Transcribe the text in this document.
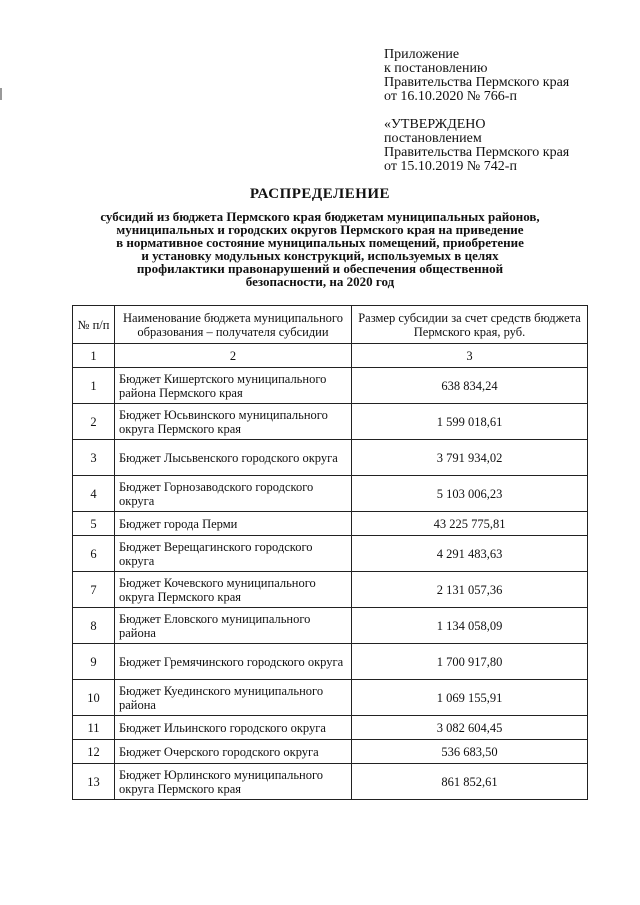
Приложение
к постановлению
Правительства Пермского края
от 16.10.2020 № 766-п
«УТВЕРЖДЕНО
постановлением
Правительства Пермского края
от 15.10.2019 № 742-п
РАСПРЕДЕЛЕНИЕ
субсидий из бюджета Пермского края бюджетам муниципальных районов,
муниципальных и городских округов Пермского края на приведение
в нормативное состояние муниципальных помещений, приобретение
и установку модульных конструкций, используемых в целях
профилактики правонарушений и обеспечения общественной
безопасности, на 2020 год
№ п/п	Наименование бюджета муниципального образования – получателя субсидии	Размер субсидии за счет средств бюджета Пермского края, руб.
1	2	3
1	Бюджет Кишертского муниципального района Пермского края	638 834,24
2	Бюджет Юсьвинского муниципального округа Пермского края	1 599 018,61
3	Бюджет Лысьвенского городского округа	3 791 934,02
4	Бюджет Горнозаводского городского округа	5 103 006,23
5	Бюджет города Перми	43 225 775,81
6	Бюджет Верещагинского городского округа	4 291 483,63
7	Бюджет Кочевского муниципального округа Пермского края	2 131 057,36
8	Бюджет Еловского муниципального района	1 134 058,09
9	Бюджет Гремячинского городского округа	1 700 917,80
10	Бюджет Куединского муниципального района	1 069 155,91
11	Бюджет Ильинского городского округа	3 082 604,45
12	Бюджет Очерского городского округа	536 683,50
13	Бюджет Юрлинского муниципального округа Пермского края	861 852,61
